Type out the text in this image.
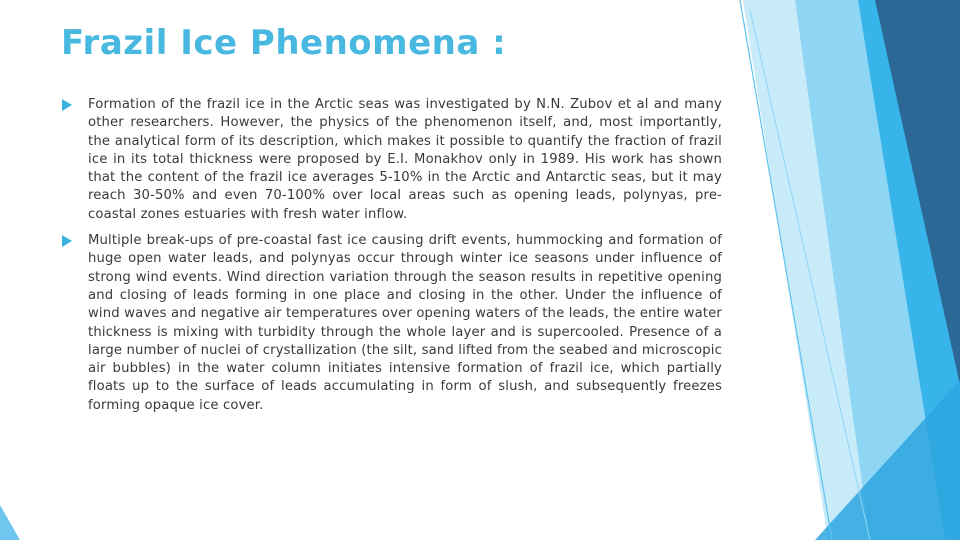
Frazil Ice Phenomena :
Formation of the frazil ice in the Arctic seas was investigated by N.N. Zubov et al and many other researchers. However, the physics of the phenomenon itself, and, most importantly, the analytical form of its description, which makes it possible to quantify the fraction of frazil ice in its total thickness were proposed by E.I. Monakhov only in 1989. His work has shown that the content of the frazil ice averages 5-10% in the Arctic and Antarctic seas, but it may reach 30-50% and even 70-100% over local areas such as opening leads, polynyas, pre-coastal zones estuaries with fresh water inflow.
Multiple break-ups of pre-coastal fast ice causing drift events, hummocking and formation of huge open water leads, and polynyas occur through winter ice seasons under influence of strong wind events. Wind direction variation through the season results in repetitive opening and closing of leads forming in one place and closing in the other. Under the influence of wind waves and negative air temperatures over opening waters of the leads, the entire water thickness is mixing with turbidity through the whole layer and is supercooled. Presence of a large number of nuclei of crystallization (the silt, sand lifted from the seabed and microscopic air bubbles) in the water column initiates intensive formation of frazil ice, which partially floats up to the surface of leads accumulating in form of slush, and subsequently freezes forming opaque ice cover.
